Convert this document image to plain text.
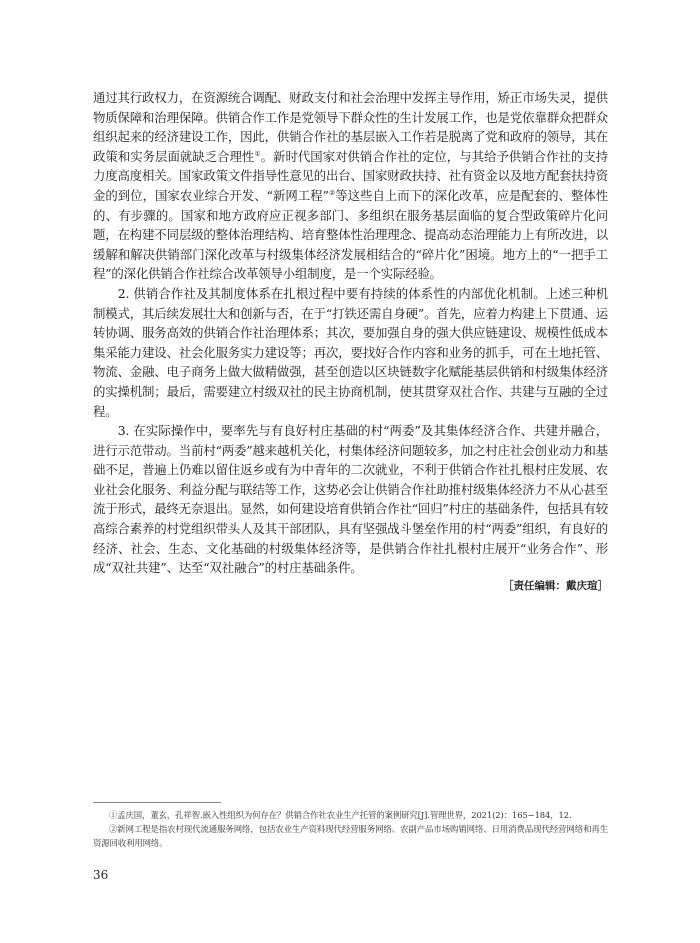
通过其行政权力，在资源统合调配、财政支付和社会治理中发挥主导作用，矫正市场失灵，提供物质保障和治理保障。供销合作工作是党领导下群众性的生计发展工作，也是党依靠群众把群众组织起来的经济建设工作，因此，供销合作社的基层嵌入工作若是脱离了党和政府的领导，其在政策和实务层面就缺乏合理性①。新时代国家对供销合作社的定位，与其给予供销合作社的支持力度高度相关。国家政策文件指导性意见的出台、国家财政扶持、社有资金以及地方配套扶持资金的到位，国家农业综合开发、“新网工程”②等这些自上而下的深化改革，应是配套的、整体性的、有步骤的。国家和地方政府应正视多部门、多组织在服务基层面临的复合型政策碎片化问题，在构建不同层级的整体治理结构、培育整体性治理理念、提高动态治理能力上有所改进，以缓解和解决供销部门深化改革与村级集体经济发展相结合的“碎片化”困境。地方上的“一把手工程”的深化供销合作社综合改革领导小组制度，是一个实际经验。

2. 供销合作社及其制度体系在扎根过程中要有持续的体系性的内部优化机制。上述三种机制模式，其后续发展壮大和创新与否，在于“打铁还需自身硬”。首先，应着力构建上下贯通、运转协调、服务高效的供销合作社治理体系；其次，要加强自身的强大供应链建设、规模性低成本集采能力建设、社会化服务实力建设等；再次，要找好合作内容和业务的抓手，可在土地托管、物流、金融、电子商务上做大做精做强，甚至创造以区块链数字化赋能基层供销和村级集体经济的实操机制；最后，需要建立村级双社的民主协商机制，使其贯穿双社合作、共建与互融的全过程。

3. 在实际操作中，要率先与有良好村庄基础的村“两委”及其集体经济合作、共建并融合，进行示范带动。当前村“两委”越来越机关化，村集体经济问题较多，加之村庄社会创业动力和基础不足，普遍上仍难以留住返乡或有为中青年的二次就业，不利于供销合作社扎根村庄发展、农业社会化服务、利益分配与联结等工作，这势必会让供销合作社助推村级集体经济力不从心甚至流于形式，最终无奈退出。显然，如何建设培育供销合作社“回归”村庄的基础条件，包括具有较高综合素养的村党组织带头人及其干部团队，具有坚强战斗堡垒作用的村“两委”组织，有良好的经济、社会、生态、文化基础的村级集体经济等，是供销合作社扎根村庄展开“业务合作”、形成“双社共建”、达至“双社融合”的村庄基础条件。

［责任编辑：戴庆瑄］

①孟庆国，董玄，孔祥智.嵌入性组织为何存在？供销合作社农业生产托管的案例研究[J].管理世界，2021(2)：165−184，12.

②新网工程是指农村现代流通服务网络，包括农业生产资料现代经营服务网络、农副产品市场购销网络、日用消费品现代经营网络和再生资源回收利用网络。

36
